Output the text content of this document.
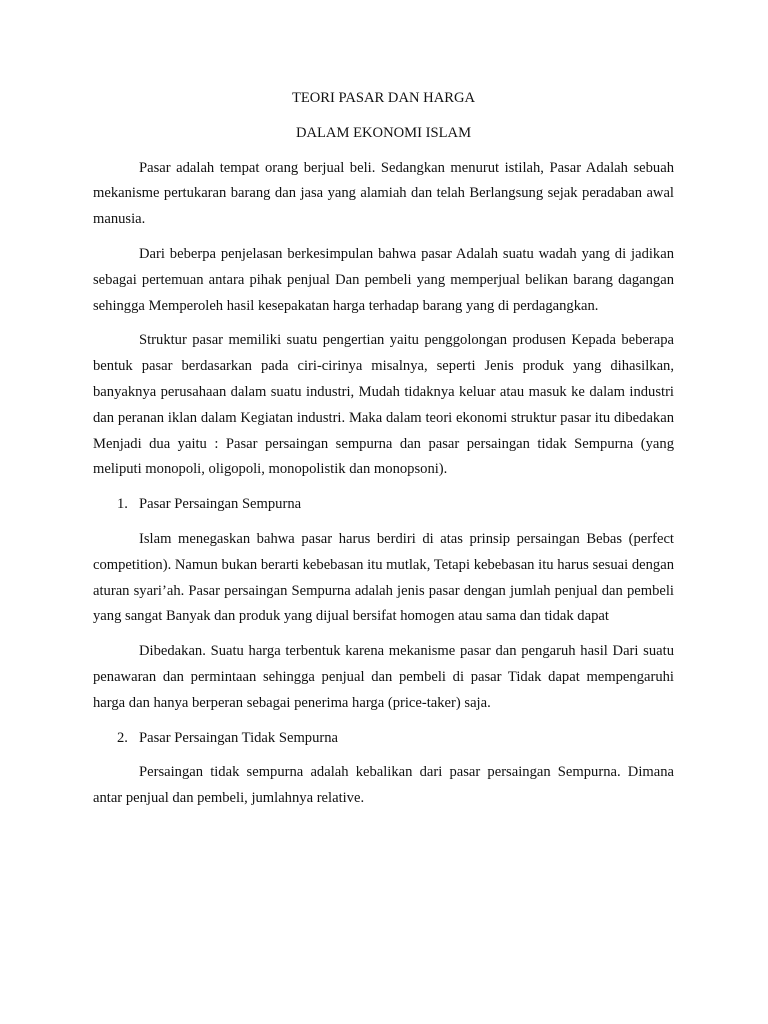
TEORI PASAR DAN HARGA

DALAM EKONOMI ISLAM

Pasar adalah tempat orang berjual beli. Sedangkan menurut istilah, Pasar Adalah sebuah mekanisme pertukaran barang dan jasa yang alamiah dan telah Berlangsung sejak peradaban awal manusia.

Dari beberpa penjelasan berkesimpulan bahwa pasar Adalah suatu wadah yang di jadikan sebagai pertemuan antara pihak penjual Dan pembeli yang memperjual belikan barang dagangan sehingga Memperoleh hasil kesepakatan harga terhadap barang yang di perdagangkan.

Struktur pasar memiliki suatu pengertian yaitu penggolongan produsen Kepada beberapa bentuk pasar berdasarkan pada ciri-cirinya misalnya, seperti Jenis produk yang dihasilkan, banyaknya perusahaan dalam suatu industri, Mudah tidaknya keluar atau masuk ke dalam industri dan peranan iklan dalam Kegiatan industri. Maka dalam teori ekonomi struktur pasar itu dibedakan Menjadi dua yaitu : Pasar persaingan sempurna dan pasar persaingan tidak Sempurna (yang meliputi monopoli, oligopoli, monopolistik dan monopsoni).

1. Pasar Persaingan Sempurna

Islam menegaskan bahwa pasar harus berdiri di atas prinsip persaingan Bebas (perfect competition). Namun bukan berarti kebebasan itu mutlak, Tetapi kebebasan itu harus sesuai dengan aturan syari’ah. Pasar persaingan Sempurna adalah jenis pasar dengan jumlah penjual dan pembeli yang sangat Banyak dan produk yang dijual bersifat homogen atau sama dan tidak dapat

Dibedakan. Suatu harga terbentuk karena mekanisme pasar dan pengaruh hasil Dari suatu penawaran dan permintaan sehingga penjual dan pembeli di pasar Tidak dapat mempengaruhi harga dan hanya berperan sebagai penerima harga (price-taker) saja.

2. Pasar Persaingan Tidak Sempurna

Persaingan tidak sempurna adalah kebalikan dari pasar persaingan Sempurna. Dimana antar penjual dan pembeli, jumlahnya relative.
